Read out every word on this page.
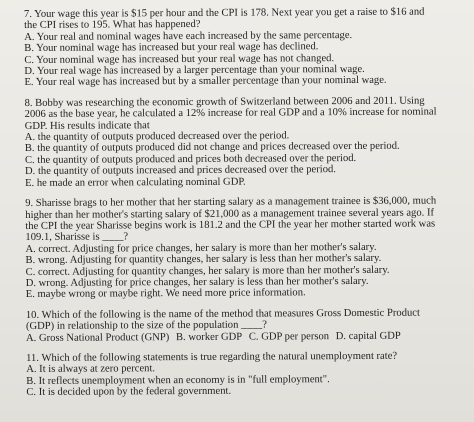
7. Your wage this year is $15 per hour and the CPI is 178. Next year you get a raise to $16 and

the CPI rises to 195. What has happened?

A. Your real and nominal wages have each increased by the same percentage.

B. Your nominal wage has increased but your real wage has declined.

C. Your nominal wage has increased but your real wage has not changed.

D. Your real wage has increased by a larger percentage than your nominal wage.

E. Your real wage has increased but by a smaller percentage than your nominal wage.

8. Bobby was researching the economic growth of Switzerland between 2006 and 2011. Using

2006 as the base year, he calculated a 12% increase for real GDP and a 10% increase for nominal

GDP. His results indicate that

A. the quantity of outputs produced decreased over the period.

B. the quantity of outputs produced did not change and prices decreased over the period.

C. the quantity of outputs produced and prices both decreased over the period.

D. the quantity of outputs increased and prices decreased over the period.

E. he made an error when calculating nominal GDP.

9. Sharisse brags to her mother that her starting salary as a management trainee is $36,000, much

higher than her mother's starting salary of $21,000 as a management trainee several years ago. If

the CPI the year Sharisse begins work is 181.2 and the CPI the year her mother started work was

109.1, Sharisse is ____?

A. correct. Adjusting for price changes, her salary is more than her mother's salary.

B. wrong. Adjusting for quantity changes, her salary is less than her mother's salary.

C. correct. Adjusting for quantity changes, her salary is more than her mother's salary.

D. wrong. Adjusting for price changes, her salary is less than her mother's salary.

E. maybe wrong or maybe right. We need more price information.

10. Which of the following is the name of the method that measures Gross Domestic Product

(GDP) in relationship to the size of the population ____?

A. Gross National Product (GNP) B. worker GDP C. GDP per person D. capital GDP

11. Which of the following statements is true regarding the natural unemployment rate?

A. It is always at zero percent.

B. It reflects unemployment when an economy is in "full employment".

C. It is decided upon by the federal government.
